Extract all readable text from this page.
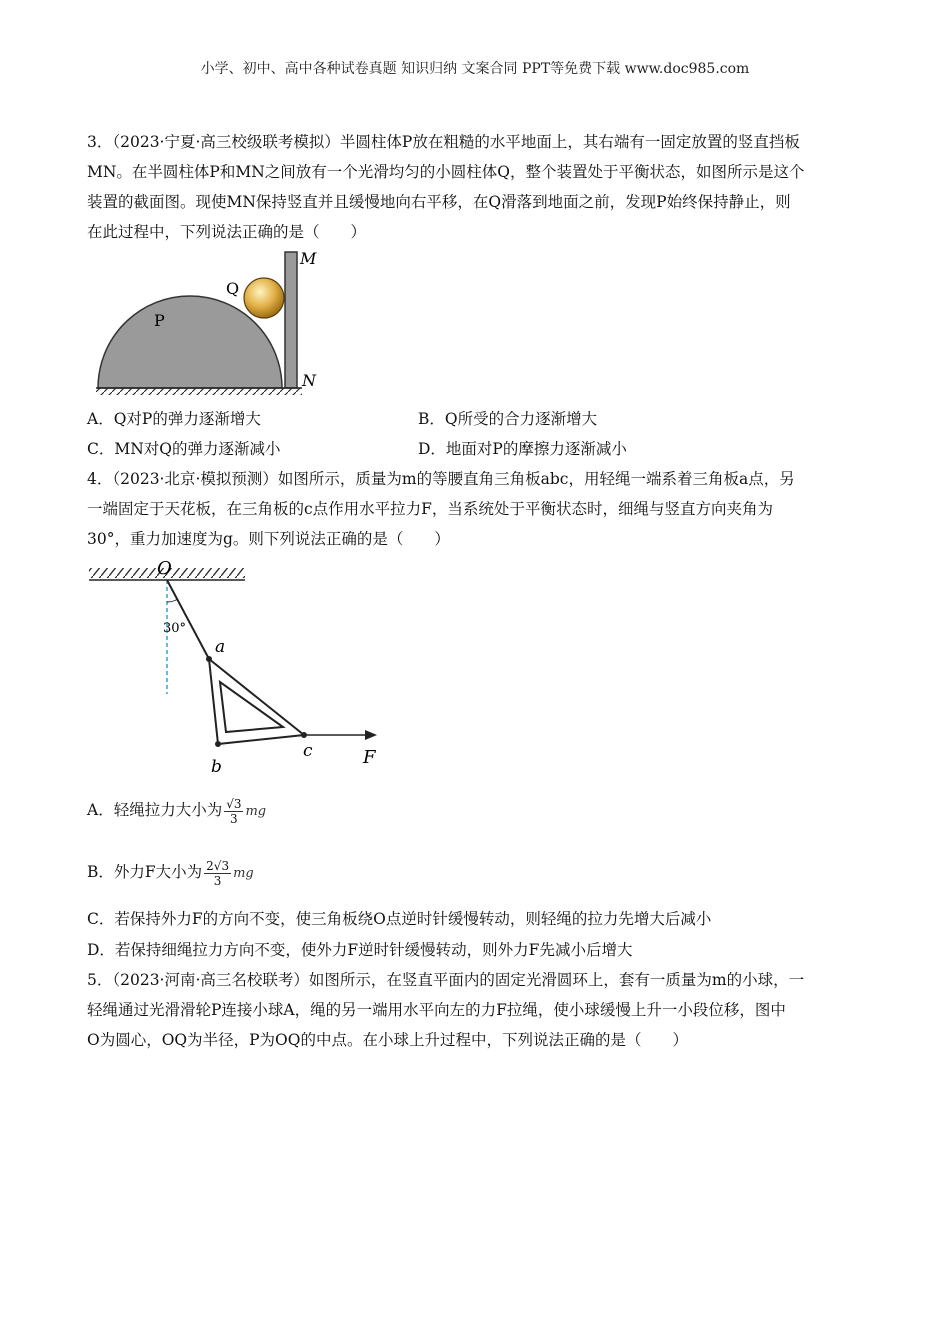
小学、初中、高中各种试卷真题 知识归纳 文案合同 PPT等免费下载 www.doc985.com
3．（2023·宁夏·高三校级联考模拟）半圆柱体P放在粗糙的水平地面上，其右端有一固定放置的竖直挡板
MN。在半圆柱体P和MN之间放有一个光滑均匀的小圆柱体Q，整个装置处于平衡状态，如图所示是这个
装置的截面图。现使MN保持竖直并且缓慢地向右平移，在Q滑落到地面之前，发现P始终保持静止，则
在此过程中，下列说法正确的是（　　）
P
Q
M
N
A．Q对P的弹力逐渐增大	B．Q所受的合力逐渐增大
C．MN对Q的弹力逐渐减小	D．地面对P的摩擦力逐渐减小
4．（2023·北京·模拟预测）如图所示，质量为m的等腰直角三角板abc，用轻绳一端系着三角板a点，另
一端固定于天花板，在三角板的c点作用水平拉力F，当系统处于平衡状态时，细绳与竖直方向夹角为
30°，重力加速度为g。则下列说法正确的是（　　）
O
30°
a
b
c	F
A．轻绳拉力大小为 $\frac{√3}{3}$ mg
B．外力F大小为 $\frac{2√3}{3}$ mg
C．若保持外力F的方向不变，使三角板绕O点逆时针缓慢转动，则轻绳的拉力先增大后减小
D．若保持细绳拉力方向不变，使外力F逆时针缓慢转动，则外力F先减小后增大
5．（2023·河南·高三名校联考）如图所示，在竖直平面内的固定光滑圆环上，套有一质量为m的小球，一
轻绳通过光滑滑轮P连接小球A，绳的另一端用水平向左的力F拉绳，使小球缓慢上升一小段位移，图中
O为圆心，OQ为半径，P为OQ的中点。在小球上升过程中，下列说法正确的是（　　）
